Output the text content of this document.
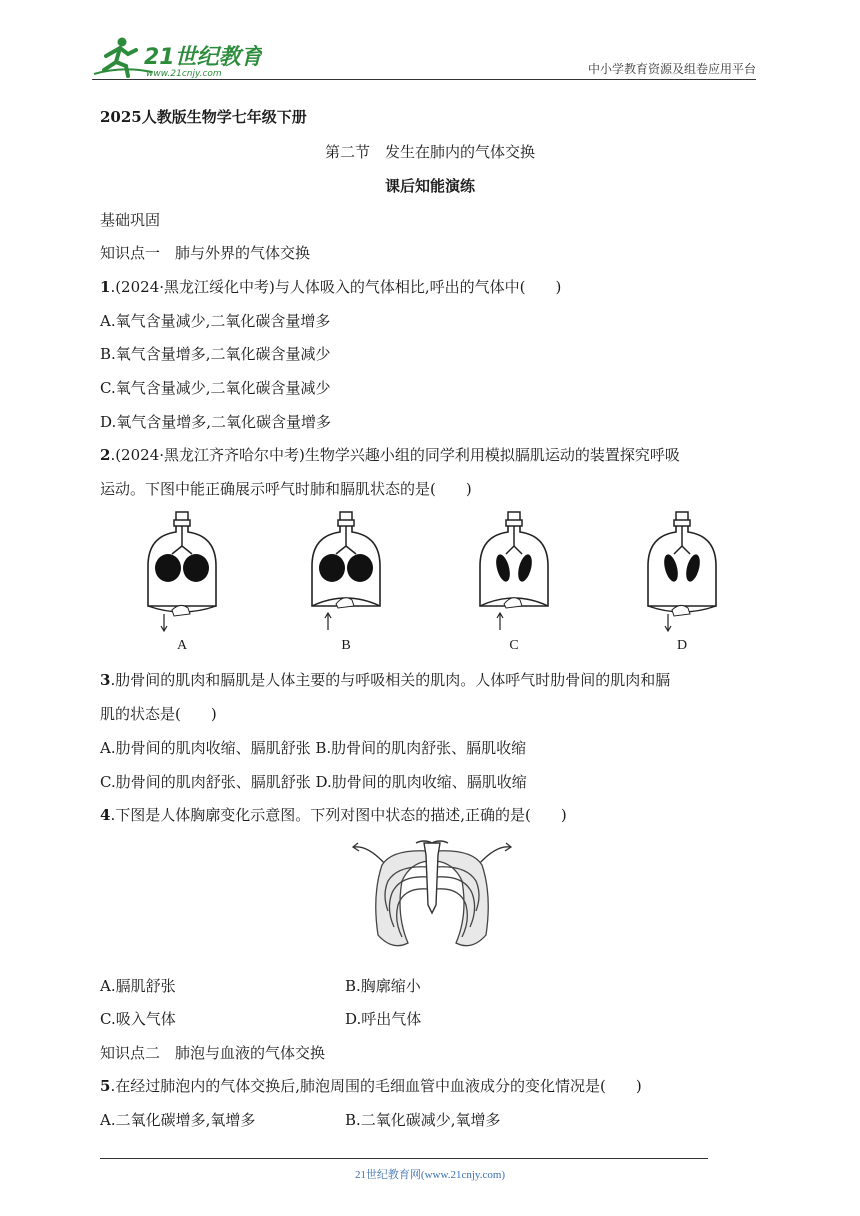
21世纪教育
www.21cnjy.com	中小学教育资源及组卷应用平台
2025人教版生物学七年级下册
第二节　发生在肺内的气体交换
课后知能演练
基础巩固
知识点一　肺与外界的气体交换
1.(2024·黑龙江绥化中考)与人体吸入的气体相比,呼出的气体中(　　)
A.氧气含量减少,二氧化碳含量增多
B.氧气含量增多,二氧化碳含量减少
C.氧气含量减少,二氧化碳含量减少
D.氧气含量增多,二氧化碳含量增多
2.(2024·黑龙江齐齐哈尔中考)生物学兴趣小组的同学利用模拟膈肌运动的装置探究呼吸
运动。下图中能正确展示呼气时肺和膈肌状态的是(　　)
A	B	C	D
3.肋骨间的肌肉和膈肌是人体主要的与呼吸相关的肌肉。人体呼气时肋骨间的肌肉和膈
肌的状态是(　　)
A.肋骨间的肌肉收缩、膈肌舒张 B.肋骨间的肌肉舒张、膈肌收缩
C.肋骨间的肌肉舒张、膈肌舒张 D.肋骨间的肌肉收缩、膈肌收缩
4.下图是人体胸廓变化示意图。下列对图中状态的描述,正确的是(　　)
A.膈肌舒张	B.胸廓缩小
C.吸入气体	D.呼出气体
知识点二　肺泡与血液的气体交换
5.在经过肺泡内的气体交换后,肺泡周围的毛细血管中血液成分的变化情况是(　　)
A.二氧化碳增多,氧增多	B.二氧化碳减少,氧增多
21世纪教育网(www.21cnjy.com)
